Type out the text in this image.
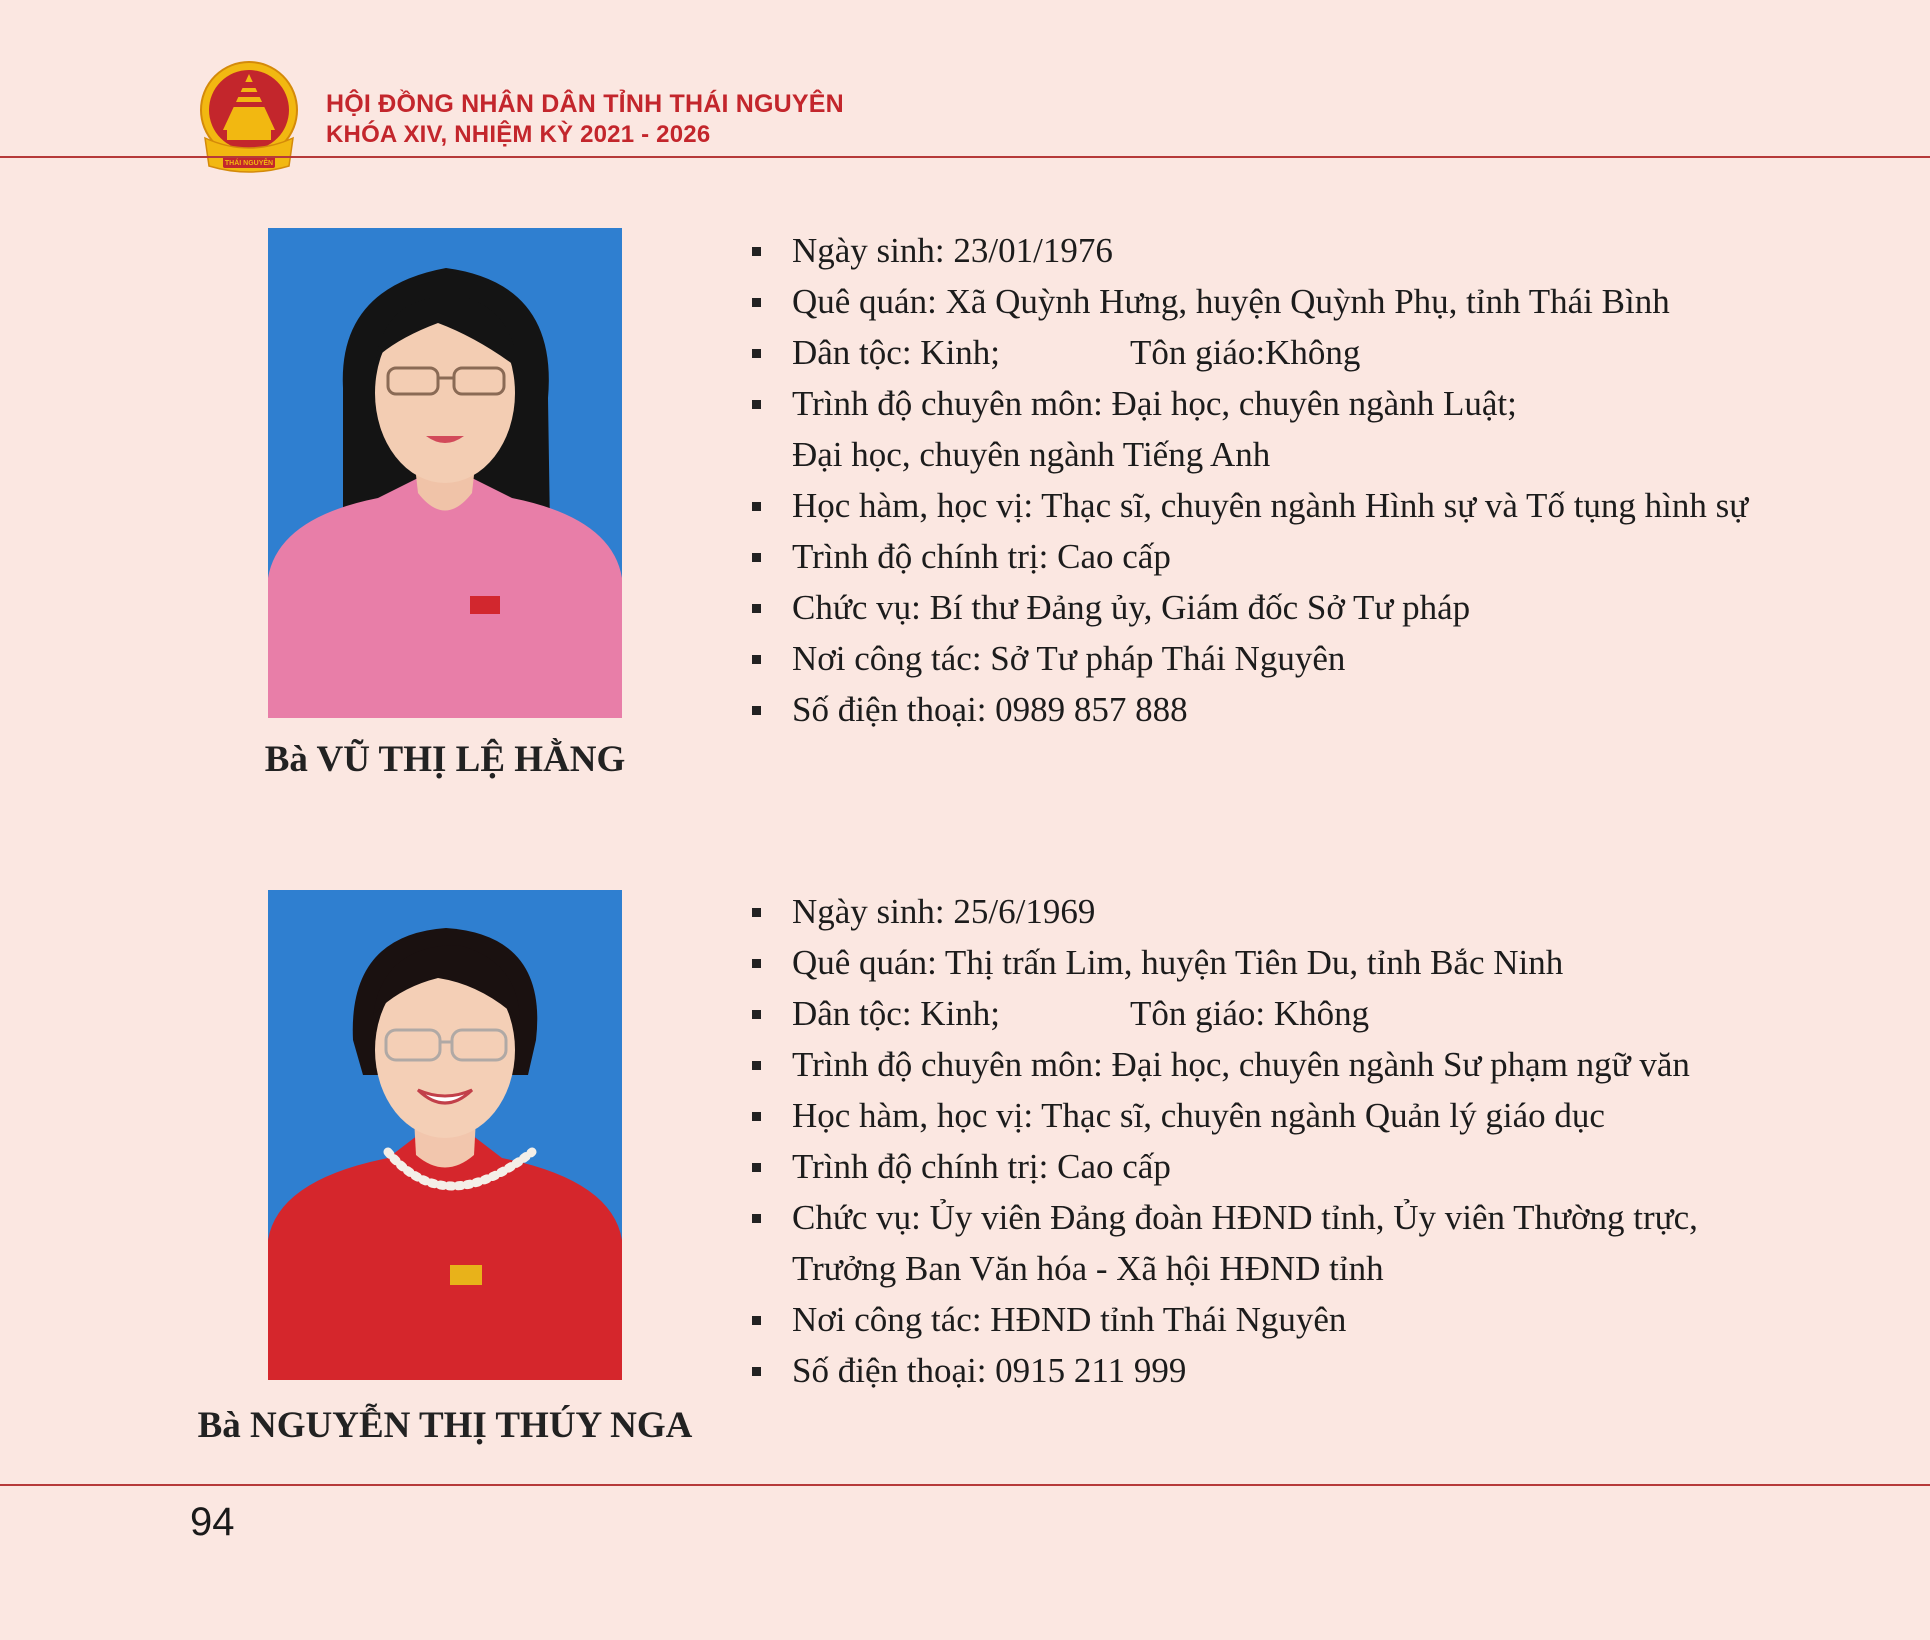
THÁI NGUYÊN
HỘI ĐỒNG NHÂN DÂN TỈNH THÁI NGUYÊN
KHÓA XIV, NHIỆM KỲ 2021 - 2026
Bà VŨ THỊ LỆ HẰNG
Ngày sinh: 23/01/1976
Quê quán: Xã Quỳnh Hưng, huyện Quỳnh Phụ, tỉnh Thái Bình
Dân tộc: Kinh;	Tôn giáo:Không
Trình độ chuyên môn: Đại học, chuyên ngành Luật;
Đại học, chuyên ngành Tiếng Anh
Học hàm, học vị: Thạc sĩ, chuyên ngành Hình sự và Tố tụng hình sự
Trình độ chính trị: Cao cấp
Chức vụ: Bí thư Đảng ủy, Giám đốc Sở Tư pháp
Nơi công tác: Sở Tư pháp Thái Nguyên
Số điện thoại: 0989 857 888
Bà NGUYỄN THỊ THÚY NGA
Ngày sinh: 25/6/1969
Quê quán: Thị trấn Lim, huyện Tiên Du, tỉnh Bắc Ninh
Dân tộc: Kinh;	Tôn giáo: Không
Trình độ chuyên môn: Đại học, chuyên ngành Sư phạm ngữ văn
Học hàm, học vị: Thạc sĩ, chuyên ngành Quản lý giáo dục
Trình độ chính trị: Cao cấp
Chức vụ: Ủy viên Đảng đoàn HĐND tỉnh, Ủy viên Thường trực,
Trưởng Ban Văn hóa - Xã hội HĐND tỉnh
Nơi công tác: HĐND tỉnh Thái Nguyên
Số điện thoại: 0915 211 999
94
